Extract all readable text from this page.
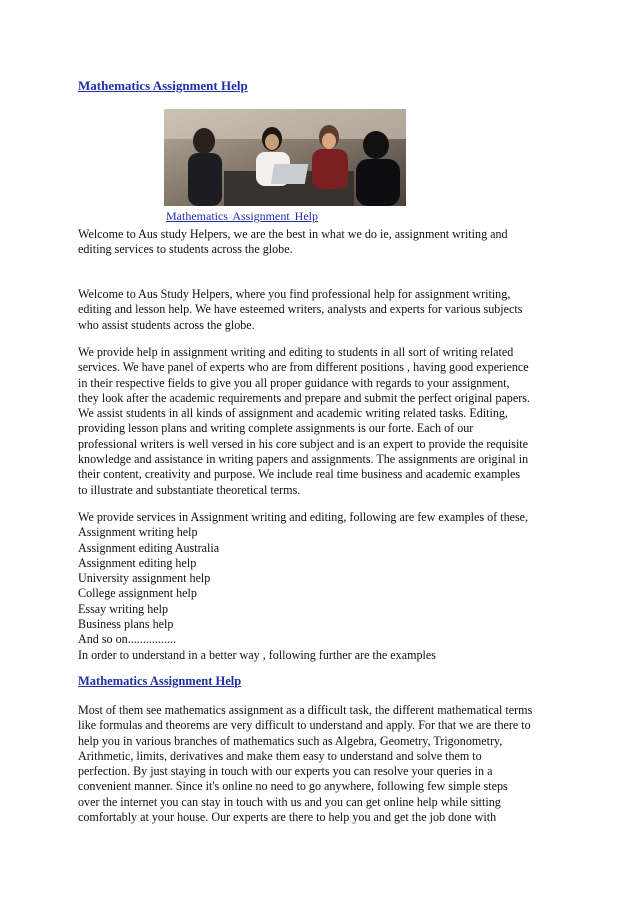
Mathematics Assignment Help
Mathematics Assignment Help

Welcome to Aus study Helpers, we are the best in what we do ie, assignment writing and
editing services to students across the globe.

Welcome to Aus Study Helpers, where you find professional help for assignment writing,
editing and lesson help. We have esteemed writers, analysts and experts for various subjects
who assist students across the globe.

We provide help in assignment writing and editing to students in all sort of writing related
services. We have panel of experts who are from different positions , having good experience
in their respective fields to give you all proper guidance with regards to your assignment,
they look after the academic requirements and prepare and submit the perfect original papers.
We assist students in all kinds of assignment and academic writing related tasks. Editing,
providing lesson plans and writing complete assignments is our forte. Each of our
professional writers is well versed in his core subject and is an expert to provide the requisite
knowledge and assistance in writing papers and assignments. The assignments are original in
their content, creativity and purpose. We include real time business and academic examples
to illustrate and substantiate theoretical terms.

We provide services in Assignment writing and editing, following are few examples of these,
Assignment writing help
Assignment editing Australia
Assignment editing help
University assignment help
College assignment help
Essay writing help
Business plans help
And so on................
In order to understand in a better way , following further are the examples

Mathematics Assignment Help

Most of them see mathematics assignment as a difficult task, the different mathematical terms
like formulas and theorems are very difficult to understand and apply. For that we are there to
help you in various branches of mathematics such as Algebra, Geometry, Trigonometry,
Arithmetic, limits, derivatives and make them easy to understand and solve them to
perfection. By just staying in touch with our experts you can resolve your queries in a
convenient manner. Since it's online no need to go anywhere, following few simple steps
over the internet you can stay in touch with us and you can get online help while sitting
comfortably at your house. Our experts are there to help you and get the job done with
